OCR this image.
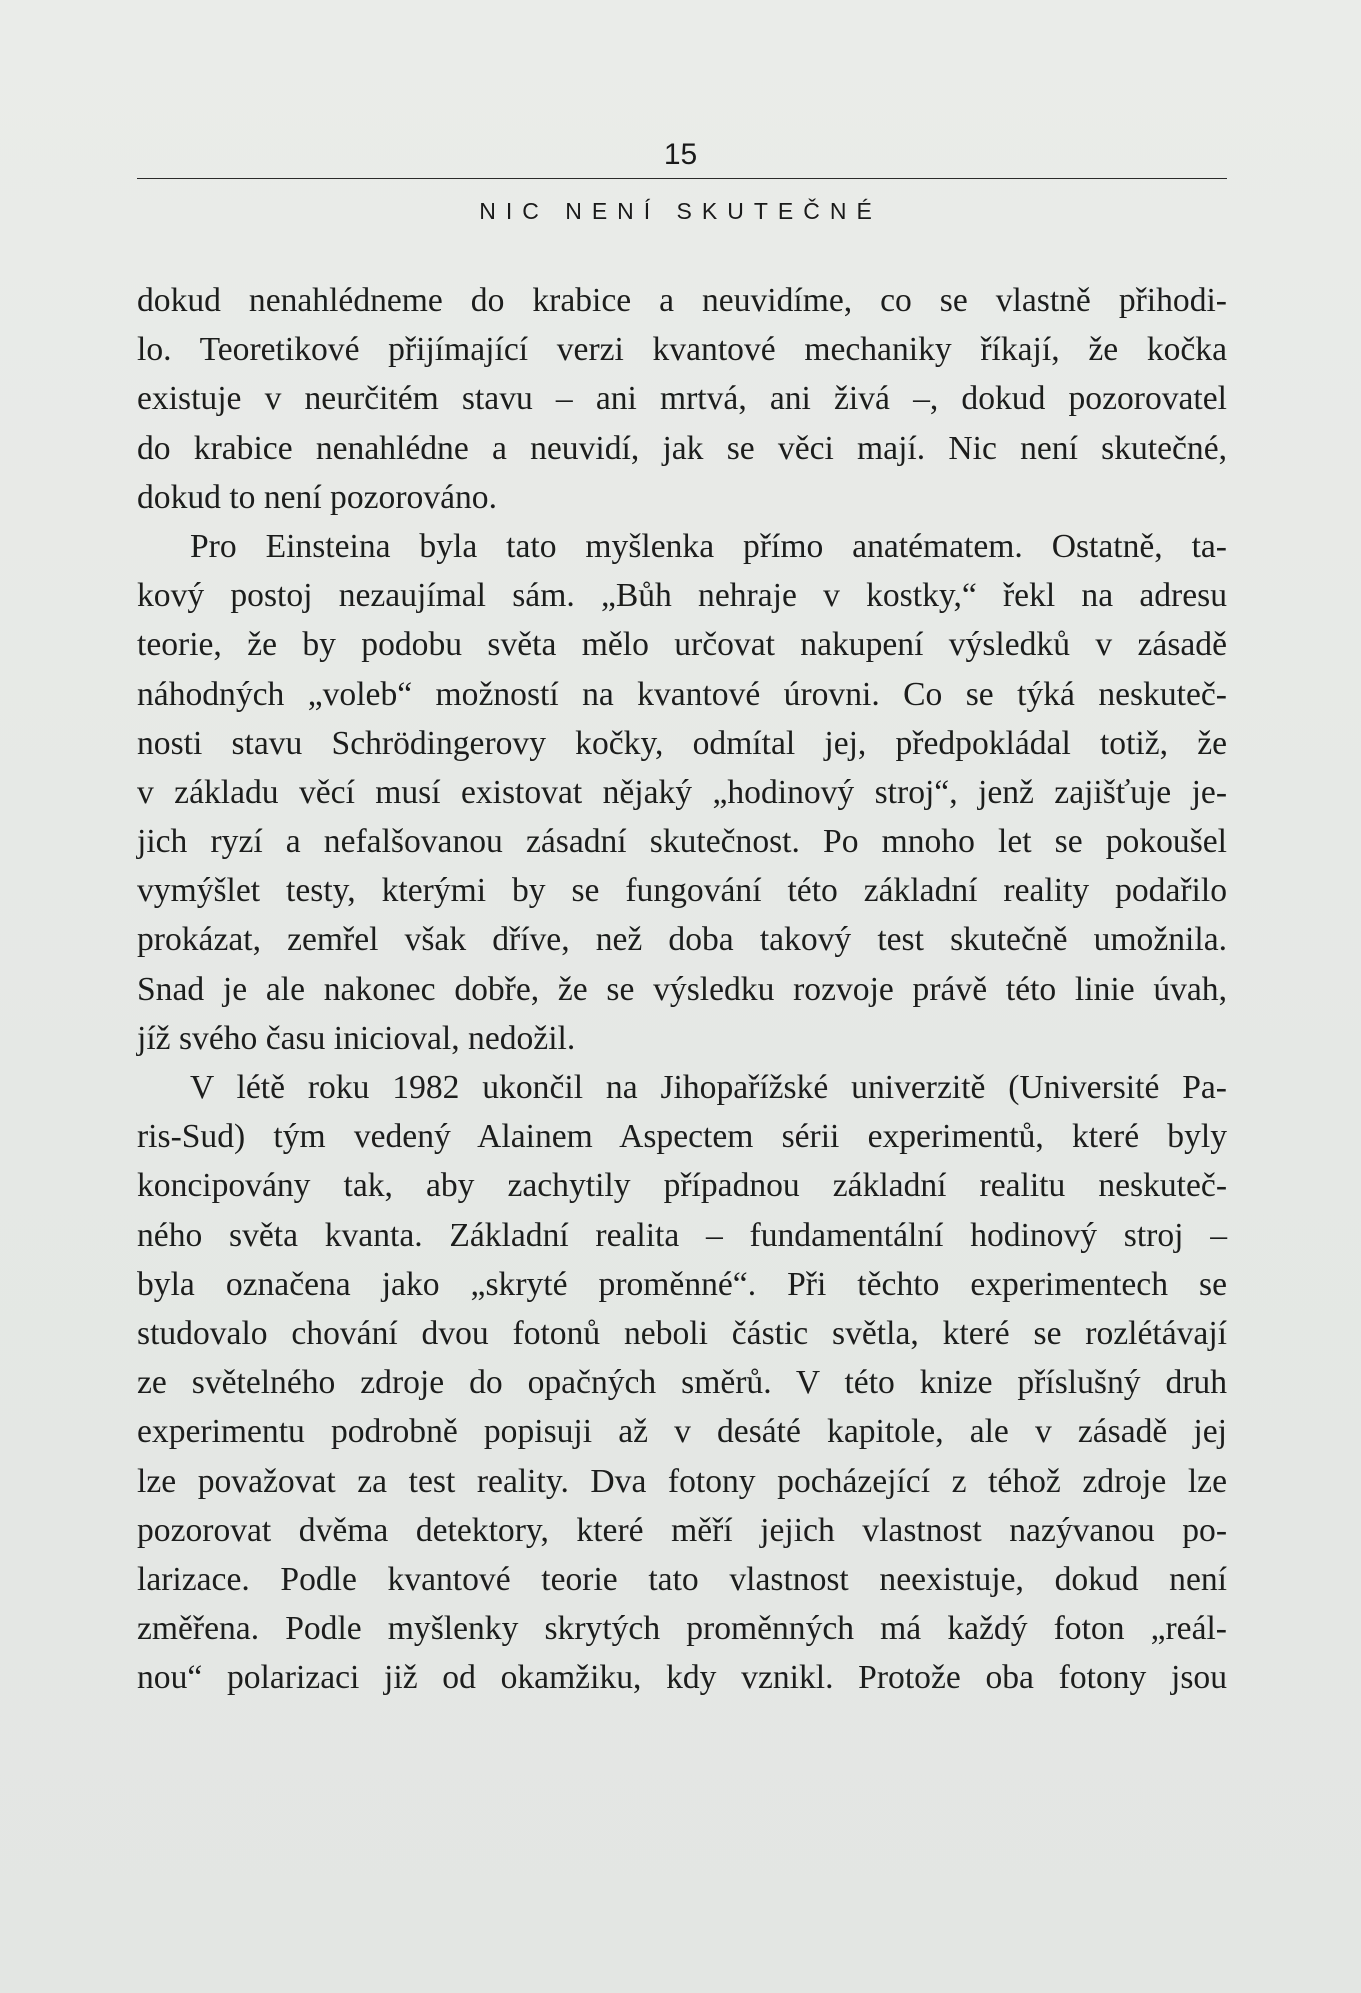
15
NIC NENÍ SKUTEČNÉ
dokud nenahlédneme do krabice a neuvidíme, co se vlastně přihodi-
lo. Teoretikové přijímající verzi kvantové mechaniky říkají, že kočka
existuje v neurčitém stavu – ani mrtvá, ani živá –, dokud pozorovatel
do krabice nenahlédne a neuvidí, jak se věci mají. Nic není skutečné,
dokud to není pozorováno.
Pro Einsteina byla tato myšlenka přímo anatématem. Ostatně, ta-
kový postoj nezaujímal sám. „Bůh nehraje v kostky,“ řekl na adresu
teorie, že by podobu světa mělo určovat nakupení výsledků v zásadě
náhodných „voleb“ možností na kvantové úrovni. Co se týká neskuteč-
nosti stavu Schrödingerovy kočky, odmítal jej, předpokládal totiž, že
v základu věcí musí existovat nějaký „hodinový stroj“, jenž zajišťuje je-
jich ryzí a nefalšovanou zásadní skutečnost. Po mnoho let se pokoušel
vymýšlet testy, kterými by se fungování této základní reality podařilo
prokázat, zemřel však dříve, než doba takový test skutečně umožnila.
Snad je ale nakonec dobře, že se výsledku rozvoje právě této linie úvah,
jíž svého času inicioval, nedožil.
V létě roku 1982 ukončil na Jihopařížské univerzitě (Université Pa-
ris-Sud) tým vedený Alainem Aspectem sérii experimentů, které byly
koncipovány tak, aby zachytily případnou základní realitu neskuteč-
ného světa kvanta. Základní realita – fundamentální hodinový stroj –
byla označena jako „skryté proměnné“. Při těchto experimentech se
studovalo chování dvou fotonů neboli částic světla, které se rozlétávají
ze světelného zdroje do opačných směrů. V této knize příslušný druh
experimentu podrobně popisuji až v desáté kapitole, ale v zásadě jej
lze považovat za test reality. Dva fotony pocházející z téhož zdroje lze
pozorovat dvěma detektory, které měří jejich vlastnost nazývanou po-
larizace. Podle kvantové teorie tato vlastnost neexistuje, dokud není
změřena. Podle myšlenky skrytých proměnných má každý foton „reál-
nou“ polarizaci již od okamžiku, kdy vznikl. Protože oba fotony jsou
